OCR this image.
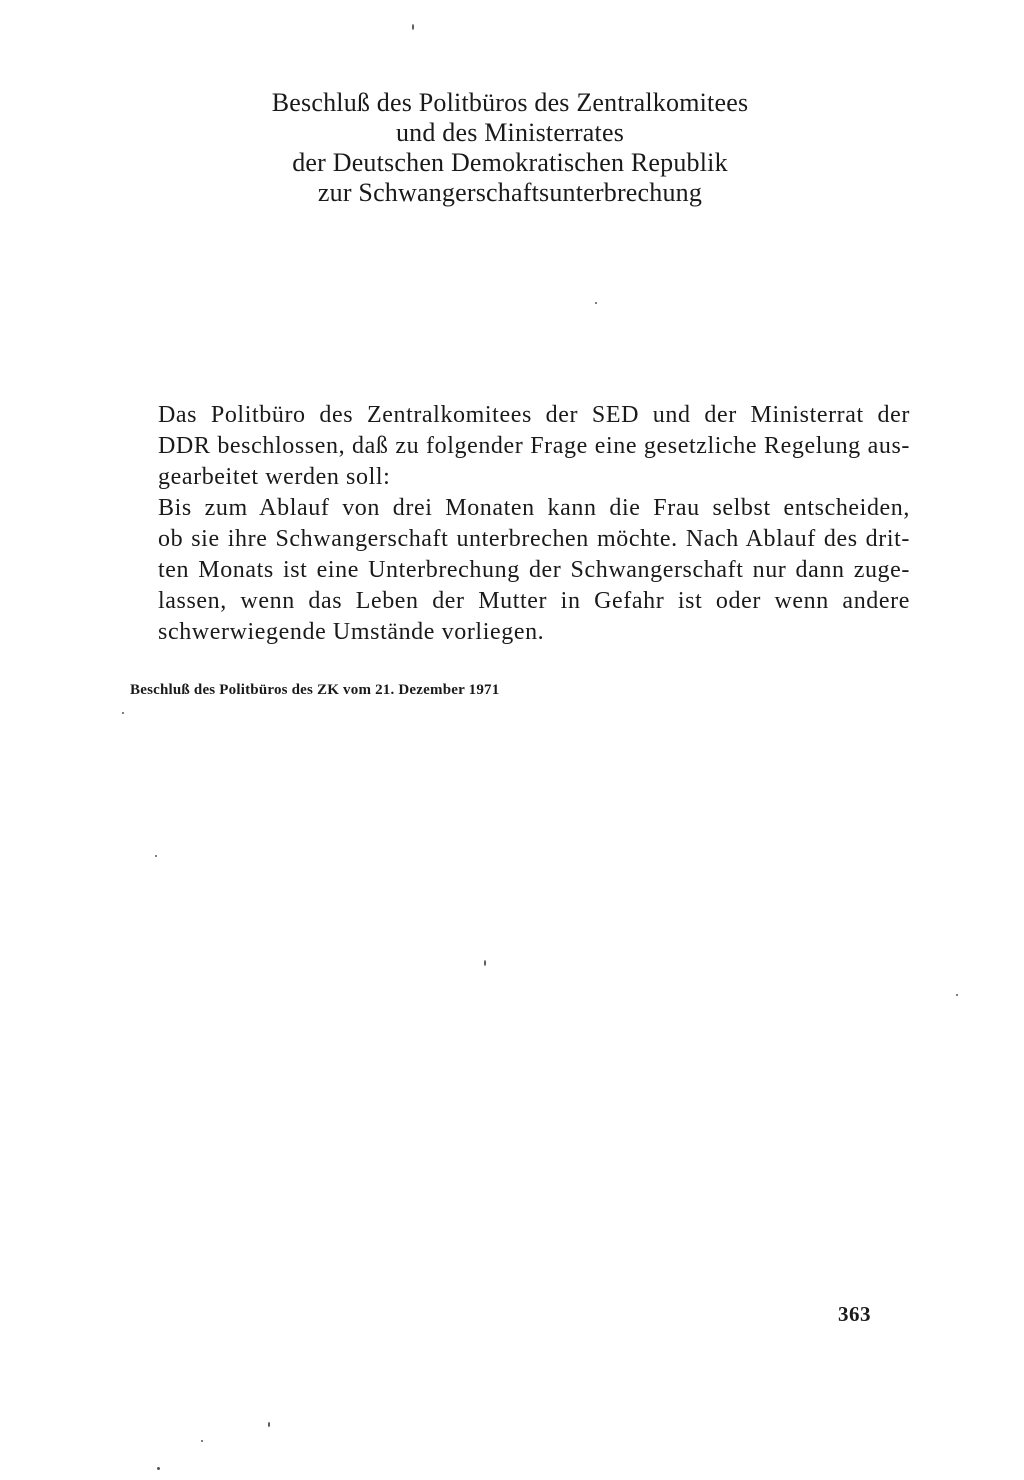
Beschluß des Politbüros des Zentralkomitees
und des Ministerrates
der Deutschen Demokratischen Republik
zur Schwangerschaftsunterbrechung
Das Politbüro des Zentralkomitees der SED und der Ministerrat der
DDR beschlossen, daß zu folgender Frage eine gesetzliche Regelung aus-
gearbeitet werden soll:
Bis zum Ablauf von drei Monaten kann die Frau selbst entscheiden,
ob sie ihre Schwangerschaft unterbrechen möchte. Nach Ablauf des drit-
ten Monats ist eine Unterbrechung der Schwangerschaft nur dann zuge-
lassen, wenn das Leben der Mutter in Gefahr ist oder wenn andere
schwerwiegende Umstände vorliegen.
Beschluß des Politbüros des ZK vom 21. Dezember 1971
363
